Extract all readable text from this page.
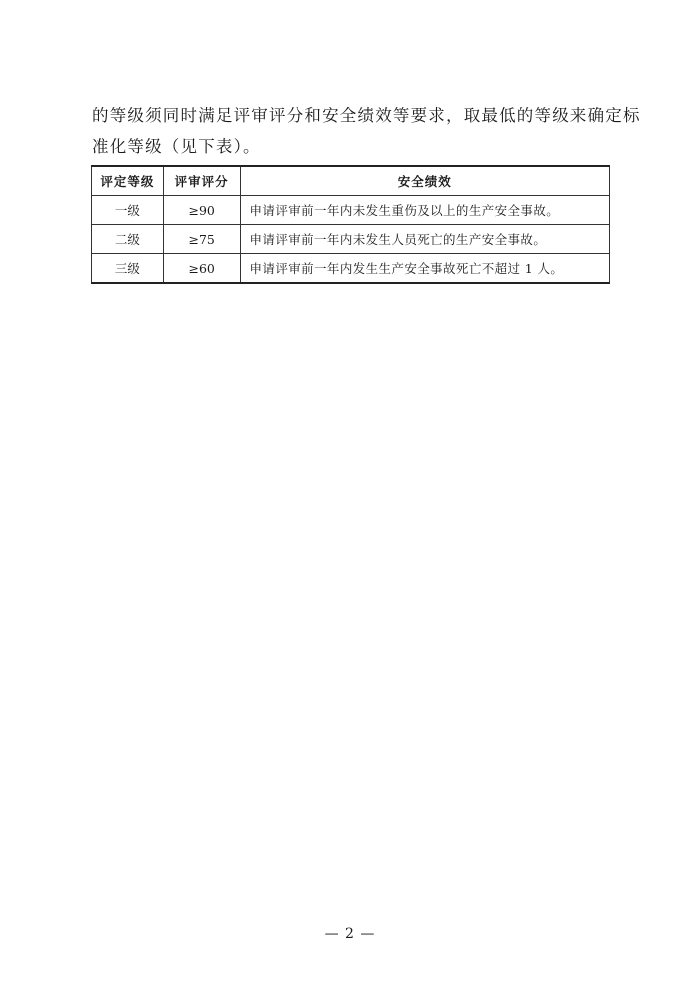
的等级须同时满足评审评分和安全绩效等要求，取最低的等级来确定标
准化等级（见下表）。
评定等级	评审评分	安全绩效
一级	≥90	申请评审前一年内未发生重伤及以上的生产安全事故。
二级	≥75	申请评审前一年内未发生人员死亡的生产安全事故。
三级	≥60	申请评审前一年内发生生产安全事故死亡不超过 1 人。
— 2 —
